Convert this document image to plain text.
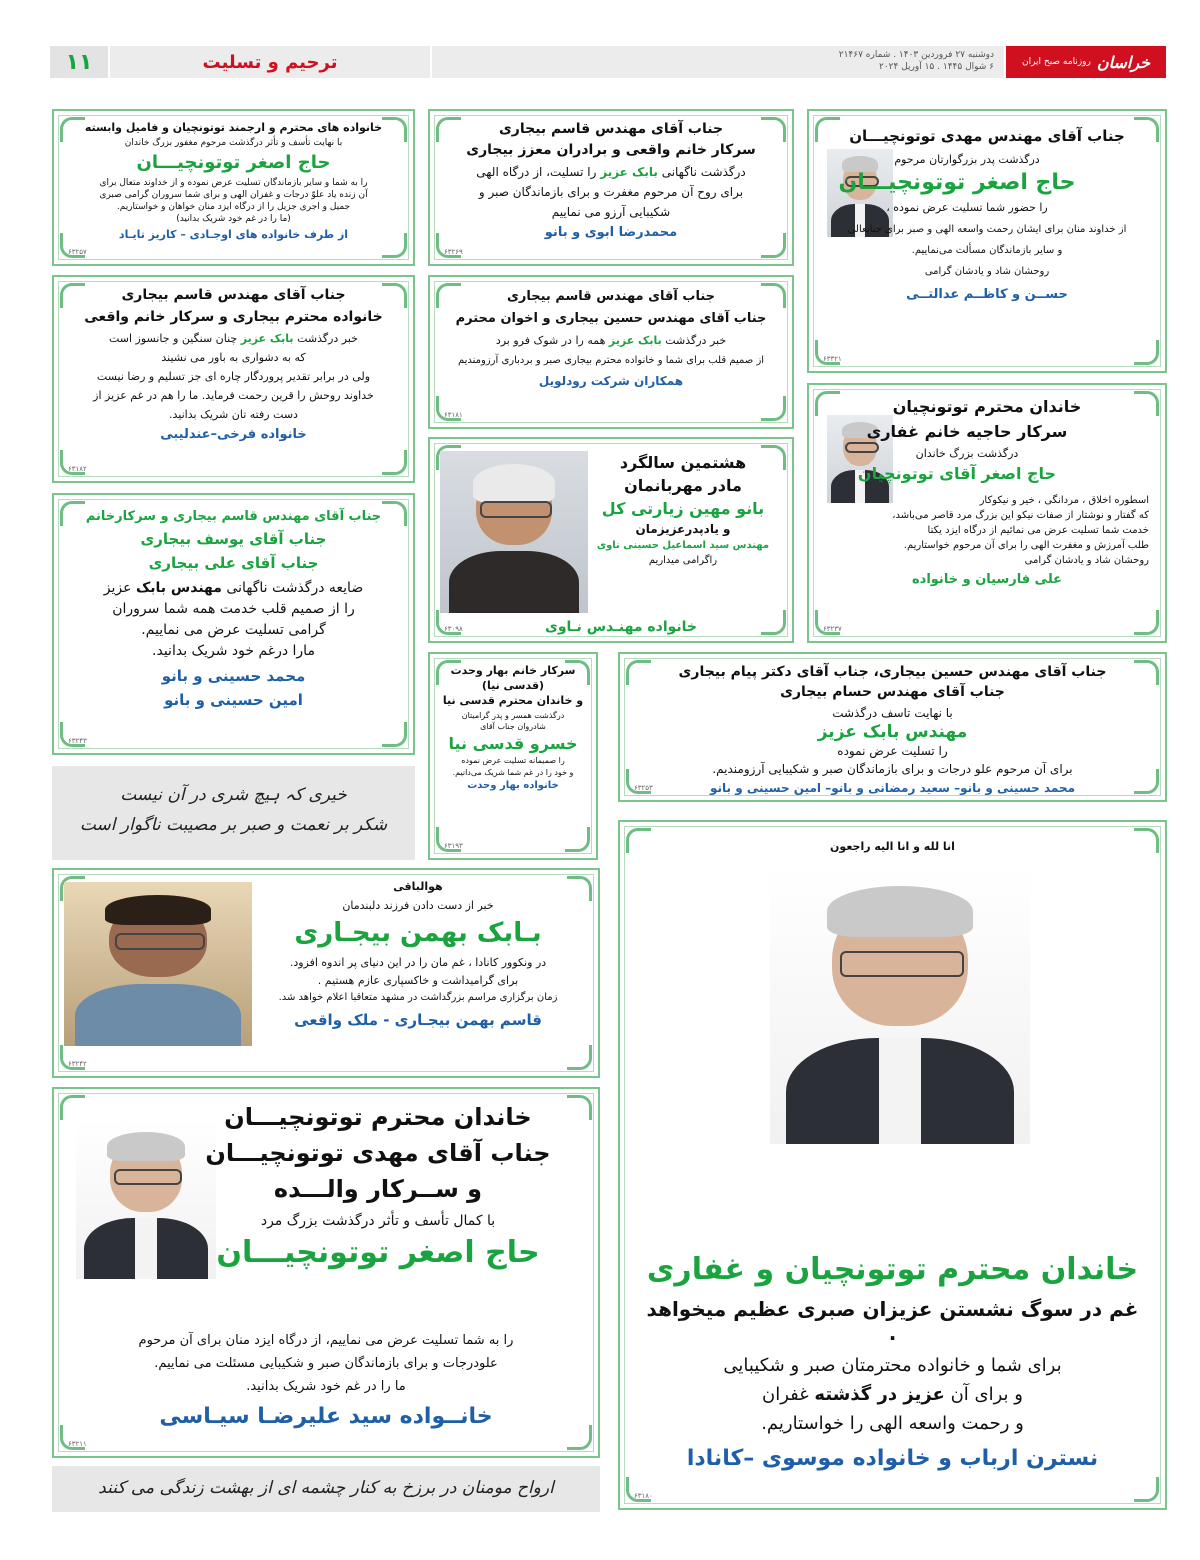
۱۱	ترحیم و تسلیت	دوشنبه ۲۷ فروردین ۱۴۰۳ . شماره ۲۱۴۶۷
۶ شوال ۱۴۴۵ . ۱۵ آوریل ۲۰۲۴	خراسان
روزنامه صبح ایران
جناب آقای مهندس مهدی توتونچیـــان
درگذشت پدر بزرگوارتان مرحوم
حاج اصغر توتونچیـــان
را حضور شما تسلیت عرض نموده ،
از خداوند منان برای ایشان رحمت واسعه الهی و صبر برای جنابعالی
و سایر بازماندگان مسألت می‌نماییم.
روحشان شاد و یادشان گرامی
حســن و کاظــم عدالتــی
۶۳۳۲۱
جناب آقای مهندس قاسم بیجاری
سرکار خانم واقعی و برادران معزز بیجاری
درگذشت ناگهانی بابک عزیز را تسلیت، از درگاه الهی
برای روح آن مرحوم مغفرت و برای بازماندگان صبر و
شکیبایی آرزو می نماییم
محمدرضا ابوی و بانو
۶۳۲۶۹
خانواده های محترم و ارجمند توتونچیان و فامیل وابسته
با نهایت تأسف و تأثر درگذشت مرحوم مغفور بزرگ خاندان
حاج اصغر توتونچیـــان
را به شما و سایر بازماندگان تسلیت عرض نموده و از خداوند متعال برای
آن زنده یاد علوّ درجات و غفران الهی و برای شما سروران گرامی صبری
جمیل و اجری جزیل را از درگاه ایزد منان خواهان و خواستاریم.
(ما را در غم خود شریک بدانید)
از طرف خانواده های اوجـادی – کاریز تایـاد
۶۳۲۵۷
جناب آقای مهندس قاسم بیجاری
جناب آقای مهندس حسین بیجاری و اخوان محترم
خبر درگذشت بابک عزیز همه را در شوک فرو برد
از صمیم قلب برای شما و خانواده محترم بیجاری صبر و بردباری آرزومندیم
همکاران شرکت رودلویل
۶۳۱۸۱
جناب آقای مهندس قاسم بیجاری
خانواده محترم بیجاری و سرکار خانم واقعی
خبر درگذشت بابک عزیز چنان سنگین و جانسوز است
که به دشواری به باور می نشیند
ولی در برابر تقدیر پروردگار چاره ای جز تسلیم و رضا نیست
خداوند روحش را قرین رحمت فرماید. ما را هم در غم عزیز از
دست رفته تان شریک بدانید.
خانواده فرخی–عندلیبی
۶۳۱۸۲
خاندان محترم توتونچیان
سرکار حاجیه خانم غفاری
درگذشت بزرگ خاندان
حاج اصغر آقای توتونچیان
اسطوره اخلاق ، مردانگی ، خیر و نیکوکار
که گفتار و نوشتار از صفات نیکو این بزرگ مرد قاصر می‌باشد،
خدمت شما تسلیت عرض می نمائیم از درگاه ایزد یکتا
طلب آمرزش و مغفرت الهی را برای آن مرحوم خواستاریم.
روحشان شاد و یادشان گرامی
علی فارسیان و خانواده
۶۳۲۳۷
هشتمین سالگرد
مادر مهربانمان
بانو مهین زیارتی کل
و یادپدرعزیزمان
مهندس سید اسماعیل حسینی ناوی
راگرامی میداریم
خانواده مهنـدس نـاوی
۶۳۰۹۸
جناب آقای مهندس قاسم بیجاری و سرکارخانم
جناب آقای یوسف بیجاری
جناب آقای علی بیجاری
ضایعه درگذشت ناگهانی مهندس بابک عزیز
را از صمیم قلب خدمت همه شما سروران
گرامی تسلیت عرض می نماییم.
مارا درغم خود شریک بدانید.
محمد حسینی و بانو
امین حسینی و بانو
۶۳۲۴۳
سرکار خانم بهار وحدت
(قدسی نیا)
و خاندان محترم قدسی نیا
درگذشت همسر و پدر گرامیتان
شادروان جناب آقای
خسرو قدسی نیا
را صمیمانه تسلیت عرض نموده
و خود را در غم شما شریک می‌دانیم.
خانواده بهار وحدت
۶۳۱۹۳
جناب آقای مهندس حسین بیجاری، جناب آقای دکتر پیام بیجاری
جناب آقای مهندس حسام بیجاری
با نهایت تاسف درگذشت
مهندس بابک عزیز
را تسلیت عرض نموده
برای آن مرحوم علو درجات و برای بازماندگان صبر و شکیبایی آرزومندیم.
محمد حسینی و بانو– سعید رمضانی و بانو– امین حسینی و بانو
۶۳۲۵۳
خیری کہ ہیچ شری در آن نیست
شکر بر نعمت و صبر بر مصیبت ناگوار است
هوالباقی
خبر از دست دادن فرزند دلبندمان
بـابک بهمن بیجـاری
در ونکوور کانادا ، غم مان را در این دنیای پر اندوه افزود.
برای گرامیداشت و خاکسپاری عازم هستیم .
زمان برگزاری مراسم بزرگداشت در مشهد متعاقبا اعلام خواهد شد.
قاسم بهمن بیجـاری - ملک واقعی
۶۳۲۴۲
انا لله و انا الیه راجعون
خاندان محترم توتونچیان و غفاری
غم در سوگ نشستن عزیزان صبری عظیم میخواهد .
برای شما و خانواده محترمتان صبر و شکیبایی
و برای آن عزیز در گذشته غفران
و رحمت واسعه الهی را خواستاریم.
نسترن ارباب و خانواده موسوی –کانادا
۶۳۱۸۰
خاندان محترم توتونچیـــان
جناب آقای مهدی توتونچیـــان
و ســرکار والـــده
با کمال تأسف و تأثر درگذشت بزرگ مرد
حاج اصغر توتونچیـــان
را به شما تسلیت عرض می نماییم، از درگاه ایزد منان برای آن مرحوم
علودرجات و برای بازماندگان صبر و شکیبایی مسئلت می نماییم.
ما را در غم خود شریک بدانید.
خانــواده سید علیرضـا سیـاسی
۶۳۲۱۱
ارواح مومنان در برزخ به کنار چشمه ای از بهشت زندگی می کنند
